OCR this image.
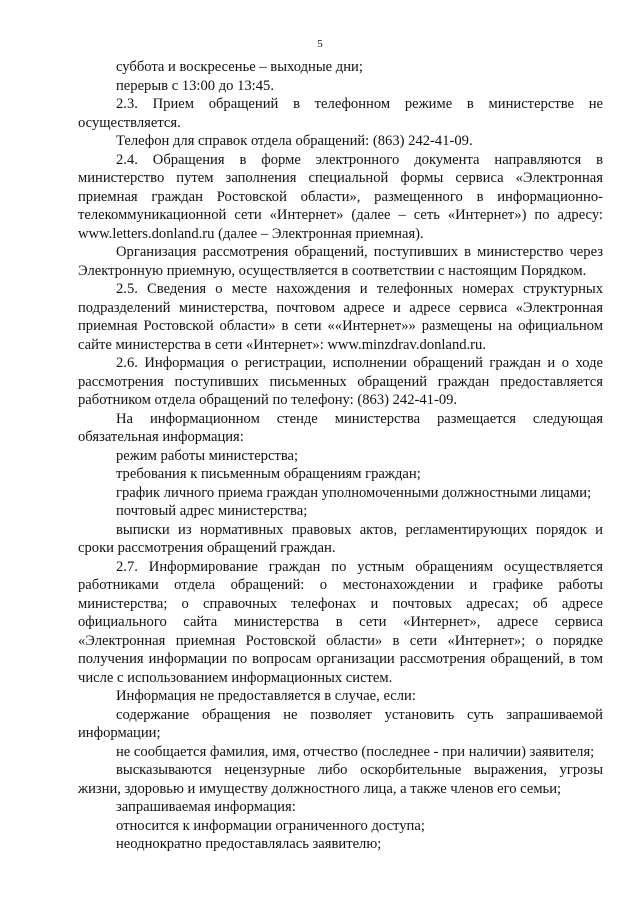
5

суббота и воскресенье – выходные дни;

перерыв с 13:00 до 13:45.

2.3. Прием обращений в телефонном режиме в министерстве не осуществляется.

Телефон для справок отдела обращений: (863) 242-41-09.

2.4. Обращения в форме электронного документа направляются в министерство путем заполнения специальной формы сервиса «Электронная приемная граждан Ростовской области», размещенного в информационно-телекоммуникационной сети «Интернет» (далее – сеть «Интернет») по адресу: www.letters.donland.ru (далее – Электронная приемная).

Организация рассмотрения обращений, поступивших в министерство через Электронную приемную, осуществляется в соответствии с настоящим Порядком.

2.5. Сведения о месте нахождения и телефонных номерах структурных подразделений министерства, почтовом адресе и адресе сервиса «Электронная приемная Ростовской области» в сети ««Интернет»» размещены на официальном сайте министерства в сети «Интернет»: www.minzdrav.donland.ru.

2.6. Информация о регистрации, исполнении обращений граждан и о ходе рассмотрения поступивших письменных обращений граждан предоставляется работником отдела обращений по телефону: (863) 242-41-09.

На информационном стенде министерства размещается следующая обязательная информация:

режим работы министерства;

требования к письменным обращениям граждан;

график личного приема граждан уполномоченными должностными лицами;

почтовый адрес министерства;

выписки из нормативных правовых актов, регламентирующих порядок и сроки рассмотрения обращений граждан.

2.7. Информирование граждан по устным обращениям осуществляется работниками отдела обращений: о местонахождении и графике работы министерства; о справочных телефонах и почтовых адресах; об адресе официального сайта министерства в сети «Интернет», адресе сервиса «Электронная приемная Ростовской области» в сети «Интернет»; о порядке получения информации по вопросам организации рассмотрения обращений, в том числе с использованием информационных систем.

Информация не предоставляется в случае, если:

содержание обращения не позволяет установить суть запрашиваемой информации;

не сообщается фамилия, имя, отчество (последнее - при наличии) заявителя;

высказываются нецензурные либо оскорбительные выражения, угрозы жизни, здоровью и имуществу должностного лица, а также членов его семьи;

запрашиваемая информация:

относится к информации ограниченного доступа;

неоднократно предоставлялась заявителю;
